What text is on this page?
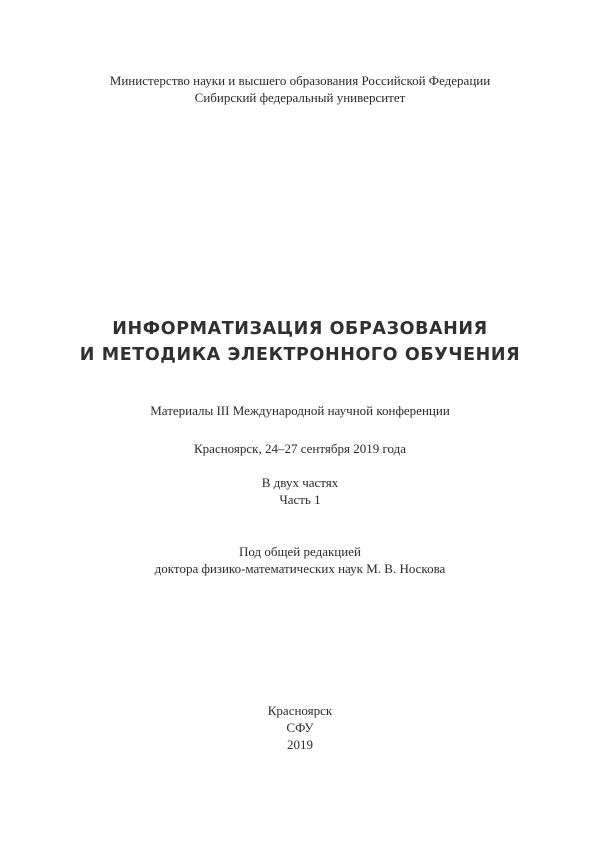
Министерство науки и высшего образования Российской Федерации
Сибирский федеральный университет
ИНФОРМАТИЗАЦИЯ ОБРАЗОВАНИЯ
И МЕТОДИКА ЭЛЕКТРОННОГО ОБУЧЕНИЯ
Материалы III Международной научной конференции
Красноярск, 24–27 сентября 2019 года
В двух частях
Часть 1
Под общей редакцией
доктора физико-математических наук М. В. Носкова
Красноярск
СФУ
2019
